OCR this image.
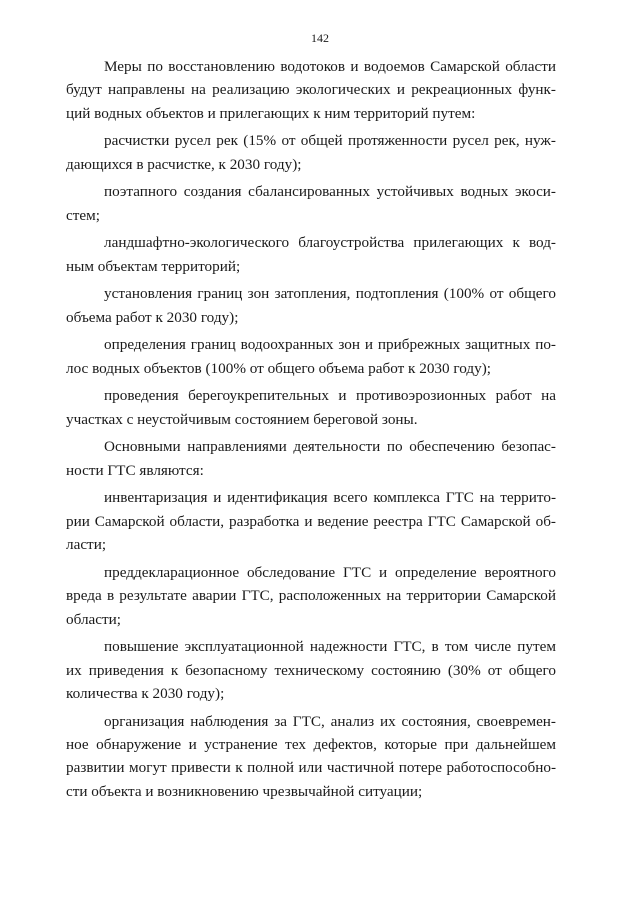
142
Меры по восстановлению водотоков и водоемов Самарской области
будут направлены на реализацию экологических и рекреационных функ-
ций водных объектов и прилегающих к ним территорий путем:
расчистки русел рек (15% от общей протяженности русел рек, нуж-
дающихся в расчистке, к 2030 году);
поэтапного создания сбалансированных устойчивых водных экоси-
стем;
ландшафтно-экологического благоустройства прилегающих к вод-
ным объектам территорий;
установления границ зон затопления, подтопления (100% от общего
объема работ к 2030 году);
определения границ водоохранных зон и прибрежных защитных по-
лос водных объектов (100% от общего объема работ к 2030 году);
проведения берегоукрепительных и противоэрозионных работ на
участках с неустойчивым состоянием береговой зоны.
Основными направлениями деятельности по обеспечению безопас-
ности ГТС являются:
инвентаризация и идентификация всего комплекса ГТС на террито-
рии Самарской области, разработка и ведение реестра ГТС Самарской об-
ласти;
преддекларационное обследование ГТС и определение вероятного
вреда в результате аварии ГТС, расположенных на территории Самарской
области;
повышение эксплуатационной надежности ГТС, в том числе путем
их приведения к безопасному техническому состоянию (30% от общего
количества к 2030 году);
организация наблюдения за ГТС, анализ их состояния, своевремен-
ное обнаружение и устранение тех дефектов, которые при дальнейшем
развитии могут привести к полной или частичной потере работоспособно-
сти объекта и возникновению чрезвычайной ситуации;
